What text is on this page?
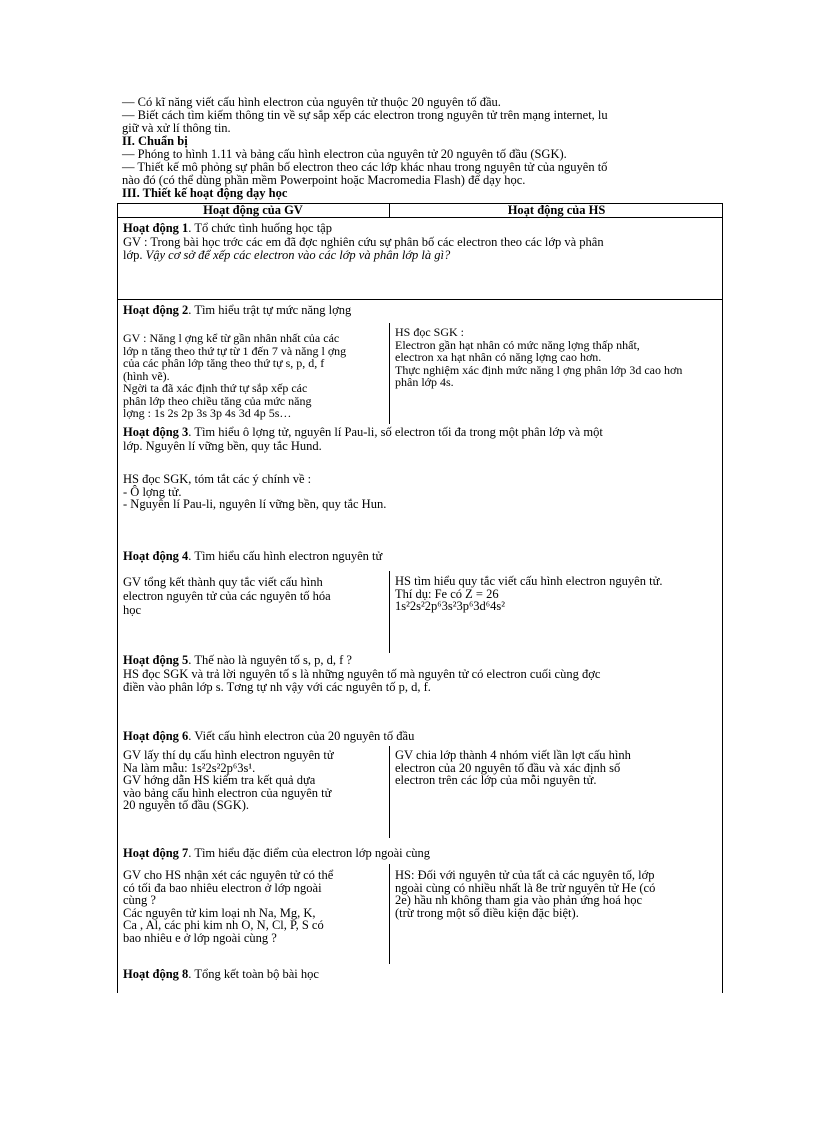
— Có kĩ năng viết cấu hình electron của nguyên tử thuộc 20 nguyên tố đầu.

— Biết cách tìm kiếm thông tin về sự sắp xếp các electron trong nguyên tử trên mạng internet, lu

giữ và xử lí thông tin.

II. Chuẩn bị

— Phóng to hình 1.11 và bảng cấu hình electron của nguyên tử 20 nguyên tố đầu (SGK).

— Thiết kế mô phỏng sự phân bố electron theo các lớp khác nhau trong nguyên tử của nguyên tố

nào đó (có thể dùng phần mềm Powerpoint hoặc Macromedia Flash) để dạy học.

III. Thiết kế hoạt động dạy học

Hoạt động của GV	Hoạt động của HS
Hoạt động 1. Tổ chức tình huống học tập

GV : Trong bài học trớc các em đã đợc nghiên cứu sự phân bố các electron theo các lớp và phân

lớp. Vậy cơ sở để xếp các electron vào các lớp và phân lớp là gì?

Hoạt động 2. Tìm hiểu trật tự mức năng lợng

GV : Năng l ợng kể từ gần nhân nhất của các

lớp n tăng theo thứ tự từ 1 đến 7 và năng l ợng

của các phân lớp tăng theo thứ tự s, p, d, f

(hình vẽ).

Ngời ta đã xác định thứ tự sắp xếp các

phân lớp theo chiều tăng của mức năng

lợng : 1s 2s 2p 3s 3p 4s 3d 4p 5s…

HS đọc SGK :

Electron gần hạt nhân có mức năng lợng thấp nhất,

electron xa hạt nhân có năng lợng cao hơn.

Thực nghiệm xác định mức năng l ợng phân lớp 3d cao hơn

phân lớp 4s.

Hoạt động 3. Tìm hiểu ô lợng tử, nguyên lí Pau-li, số electron tối đa trong một phân lớp và một

lớp. Nguyên lí vững bền, quy tắc Hund.

HS đọc SGK, tóm tắt các ý chính về :

- Ô lợng tử.

- Nguyên lí Pau-li, nguyên lí vững bền, quy tắc Hun.

Hoạt động 4. Tìm hiểu cấu hình electron nguyên tử

GV tổng kết thành quy tắc viết cấu hình

electron nguyên tử của các nguyên tố hóa

học

HS tìm hiểu quy tắc viết cấu hình electron nguyên tử.

Thí dụ: Fe có Z = 26

1s²2s²2p⁶3s²3p⁶3d⁶4s²

Hoạt động 5. Thế nào là nguyên tố s, p, d, f ?

HS đọc SGK và trả lời nguyên tố s là những nguyên tố mà nguyên tử có electron cuối cùng đợc

điền vào phân lớp s. Tơng tự nh vậy với các nguyên tố p, d, f.

Hoạt động 6. Viết cấu hình electron của 20 nguyên tố đầu

GV lấy thí dụ cấu hình electron nguyên tử

Na làm mẫu: 1s²2s²2p⁶3s¹.

GV hớng dẫn HS kiểm tra kết quả dựa

vào bảng cấu hình electron của nguyên tử

20 nguyên tố đầu (SGK).

GV chia lớp thành 4 nhóm viết lần lợt cấu hình

electron của 20 nguyên tố đầu và xác định số

electron trên các lớp của mỗi nguyên tử.

Hoạt động 7. Tìm hiểu đặc điểm của electron lớp ngoài cùng

GV cho HS nhận xét các nguyên tử có thể

có tối đa bao nhiêu electron ở lớp ngoài

cùng ?

Các nguyên tử kim loại nh Na, Mg, K,

Ca , Al, các phi kim nh O, N, Cl, P, S có

bao nhiêu e ở lớp ngoài cùng ?

HS: Đối với nguyên tử của tất cả các nguyên tố, lớp

ngoài cùng có nhiều nhất là 8e trừ nguyên tử He (có

2e) hầu nh không tham gia vào phản ứng hoá học

(trừ trong một số điều kiện đặc biệt).

Hoạt động 8. Tổng kết toàn bộ bài học
